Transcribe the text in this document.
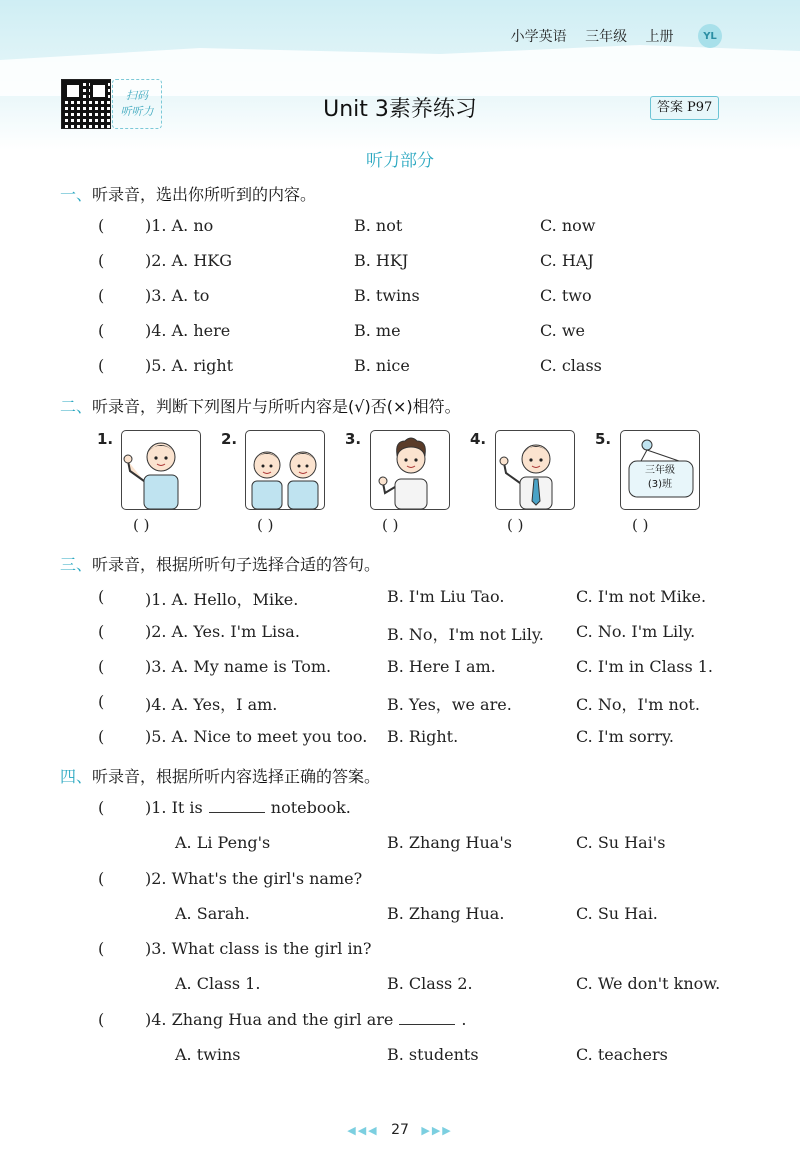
小学英语 三年级 上册	YL
扫码
听听力	Unit 3素养练习	答案 P97
听力部分
一、听录音，选出你所听到的内容。
(	)1. A. no	B. not	C. now
(	)2. A. HKG	B. HKJ	C. HAJ
(	)3. A. to	B. twins	C. two
(	)4. A. here	B. me	C. we
(	)5. A. right	B. nice	C. class
二、听录音，判断下列图片与所听内容是(√)否(×)相符。
1.
( )
2.
( )
3.
( )
4.
( )
5.
三年级
(3)班
( )
三、听录音，根据所听句子选择合适的答句。
(	)1. A. Hello，Mike.	B. I'm Liu Tao.	C. I'm not Mike.
(	)2. A. Yes. I'm Lisa.	B. No，I'm not Lily. C. No. I'm Lily.
(	)3. A. My name is Tom.	B. Here I am.	C. I'm in Class 1.
(	)4. A. Yes，I am.	B. Yes，we are.	C. No，I'm not.
(	)5. A. Nice to meet you too. B. Right.	C. I'm sorry.
四、听录音，根据所听内容选择正确的答案。
(	)1. It is	notebook.
A. Li Peng's	B. Zhang Hua's	C. Su Hai's
(	)2. What's the girl's name?
A. Sarah.	B. Zhang Hua.	C. Su Hai.
(	)3. What class is the girl in?
A. Class 1.	B. Class 2.	C. We don't know.
(	)4. Zhang Hua and the girl are	.
A. twins	B. students	C. teachers
◀◀◀ 27 ▶▶▶
